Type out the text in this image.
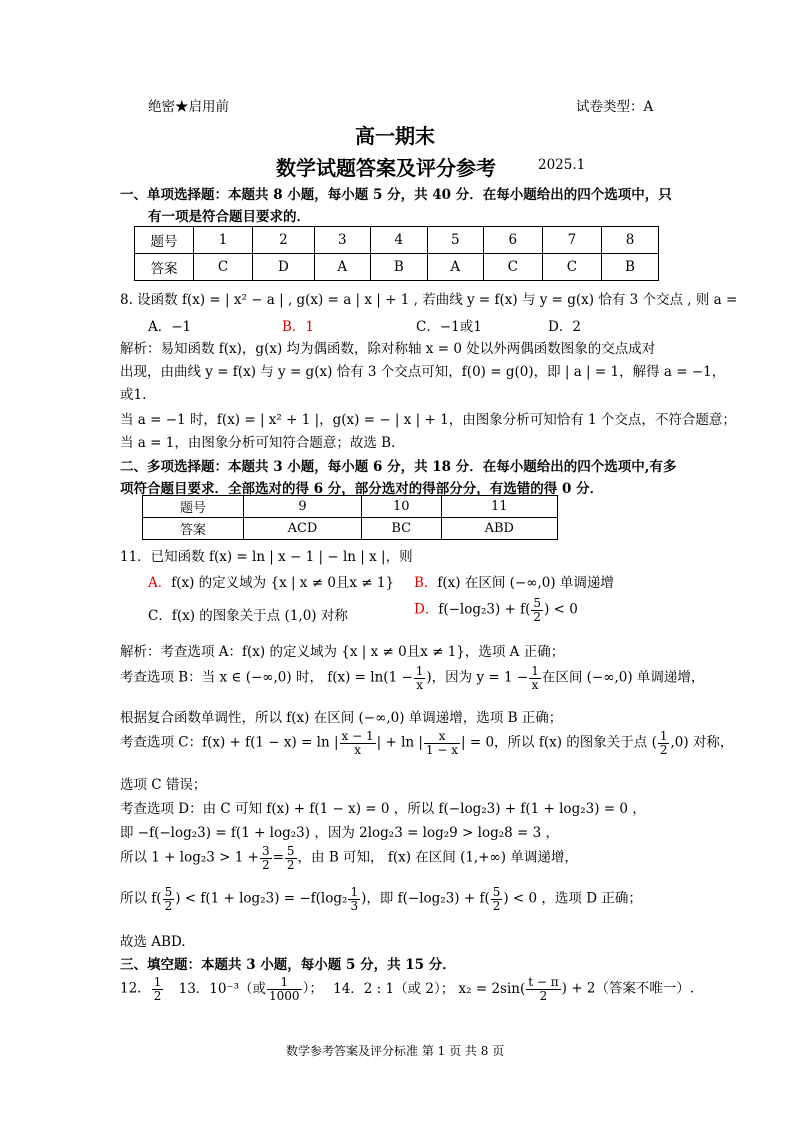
绝密★启用前	试卷类型：A
高一期末
数学试题答案及评分参考	2025.1
一、单项选择题：本题共 8 小题，每小题 5 分，共 40 分．在每小题给出的四个选项中，只
有一项是符合题目要求的．
题号	1	2	3	4	5	6	7	8
答案	C	D	A	B	A	C	C	B
8. 设函数 f(x) = | x² − a | , g(x) = a | x | + 1 , 若曲线 y = f(x) 与 y = g(x) 恰有 3 个交点 , 则 a =
A．−1	B．1	C．−1或1	D．2
解析：易知函数 f(x)，g(x) 均为偶函数，除对称轴 x = 0 处以外两偶函数图象的交点成对
出现，由曲线 y = f(x) 与 y = g(x) 恰有 3 个交点可知，f(0) = g(0)，即 | a | = 1，解得 a = −1，
或1.
当 a = −1 时，f(x) = | x² + 1 |，g(x) = − | x | + 1，由图象分析可知恰有 1 个交点，不符合题意；
当 a = 1，由图象分析可知符合题意；故选 B.
二、多项选择题：本题共 3 小题，每小题 6 分，共 18 分．在每小题给出的四个选项中,有多
项符合题目要求．全部选对的得 6 分，部分选对的得部分分，有选错的得 0 分．
题号	9	10	11
答案	ACD	BC	ABD
11．已知函数 f(x) = ln | x − 1 | − ln | x |，则
A．f(x) 的定义域为 {x | x ≠ 0且x ≠ 1} B．f(x) 在区间 (−∞,0) 单调递增
C．f(x) 的图象关于点 (1,0) 对称	D．$f(-\log_23) + f( \frac{5}{2}$ ) < 0
解析：考查选项 A：f(x) 的定义域为 {x | x ≠ 0且x ≠ 1}，选项 A 正确；
考查选项 B：当 x ∈ (−∞,0) 时， $f(x) = \ln(1 - \frac{1}{x}$ )，因为 $y = 1 - \frac{1}{x}$ 在区间 (−∞,0) 单调递增，
根据复合函数单调性，所以 f(x) 在区间 (−∞,0) 单调递增，选项 B 正确；
考查选项 C：f(x) + f(1 − x) = ln | $\frac{x - 1}{x}$ | + ln | $\frac{x}{1 - x}$ | = 0，所以 f(x) 的图象关于点 ( $\frac{1}{2} ,0$) 对称，
选项 C 错误；
考查选项 D：由 C 可知 f(x) + f(1 − x) = 0 ，所以 f(−log₂3) + f(1 + log₂3) = 0 ，
即 −f(−log₂3) = f(1 + log₂3) ，因为 2log₂3 = log₂9 > log₂8 = 3 ，
所以 $1 + \log_23 > 1 + \frac{3}{2} = \frac{5}{2}$ ，由 B 可知， f(x) 在区间 (1,+∞) 单调递增，
所以 $f( \frac{5}{2}$ ) < $f(1 + \log_23) = -f(\log_2 \frac{1}{3}$ )，即 $f(-\log_23) + f( \frac{5}{2}$ ) < 0 ，选项 D 正确；
故选 ABD.
三、填空题：本题共 3 小题，每小题 5 分，共 15 分．
12． $\frac{1}{2} 13$．10⁻³（或 $\frac{1}{1000}$ ）； 14．2 : 1（或 2）； $x_2 = 2\sin( \frac{t - \pi}{2}$ ) + 2（答案不唯一）.
数学参考答案及评分标准 第 1 页 共 8 页
